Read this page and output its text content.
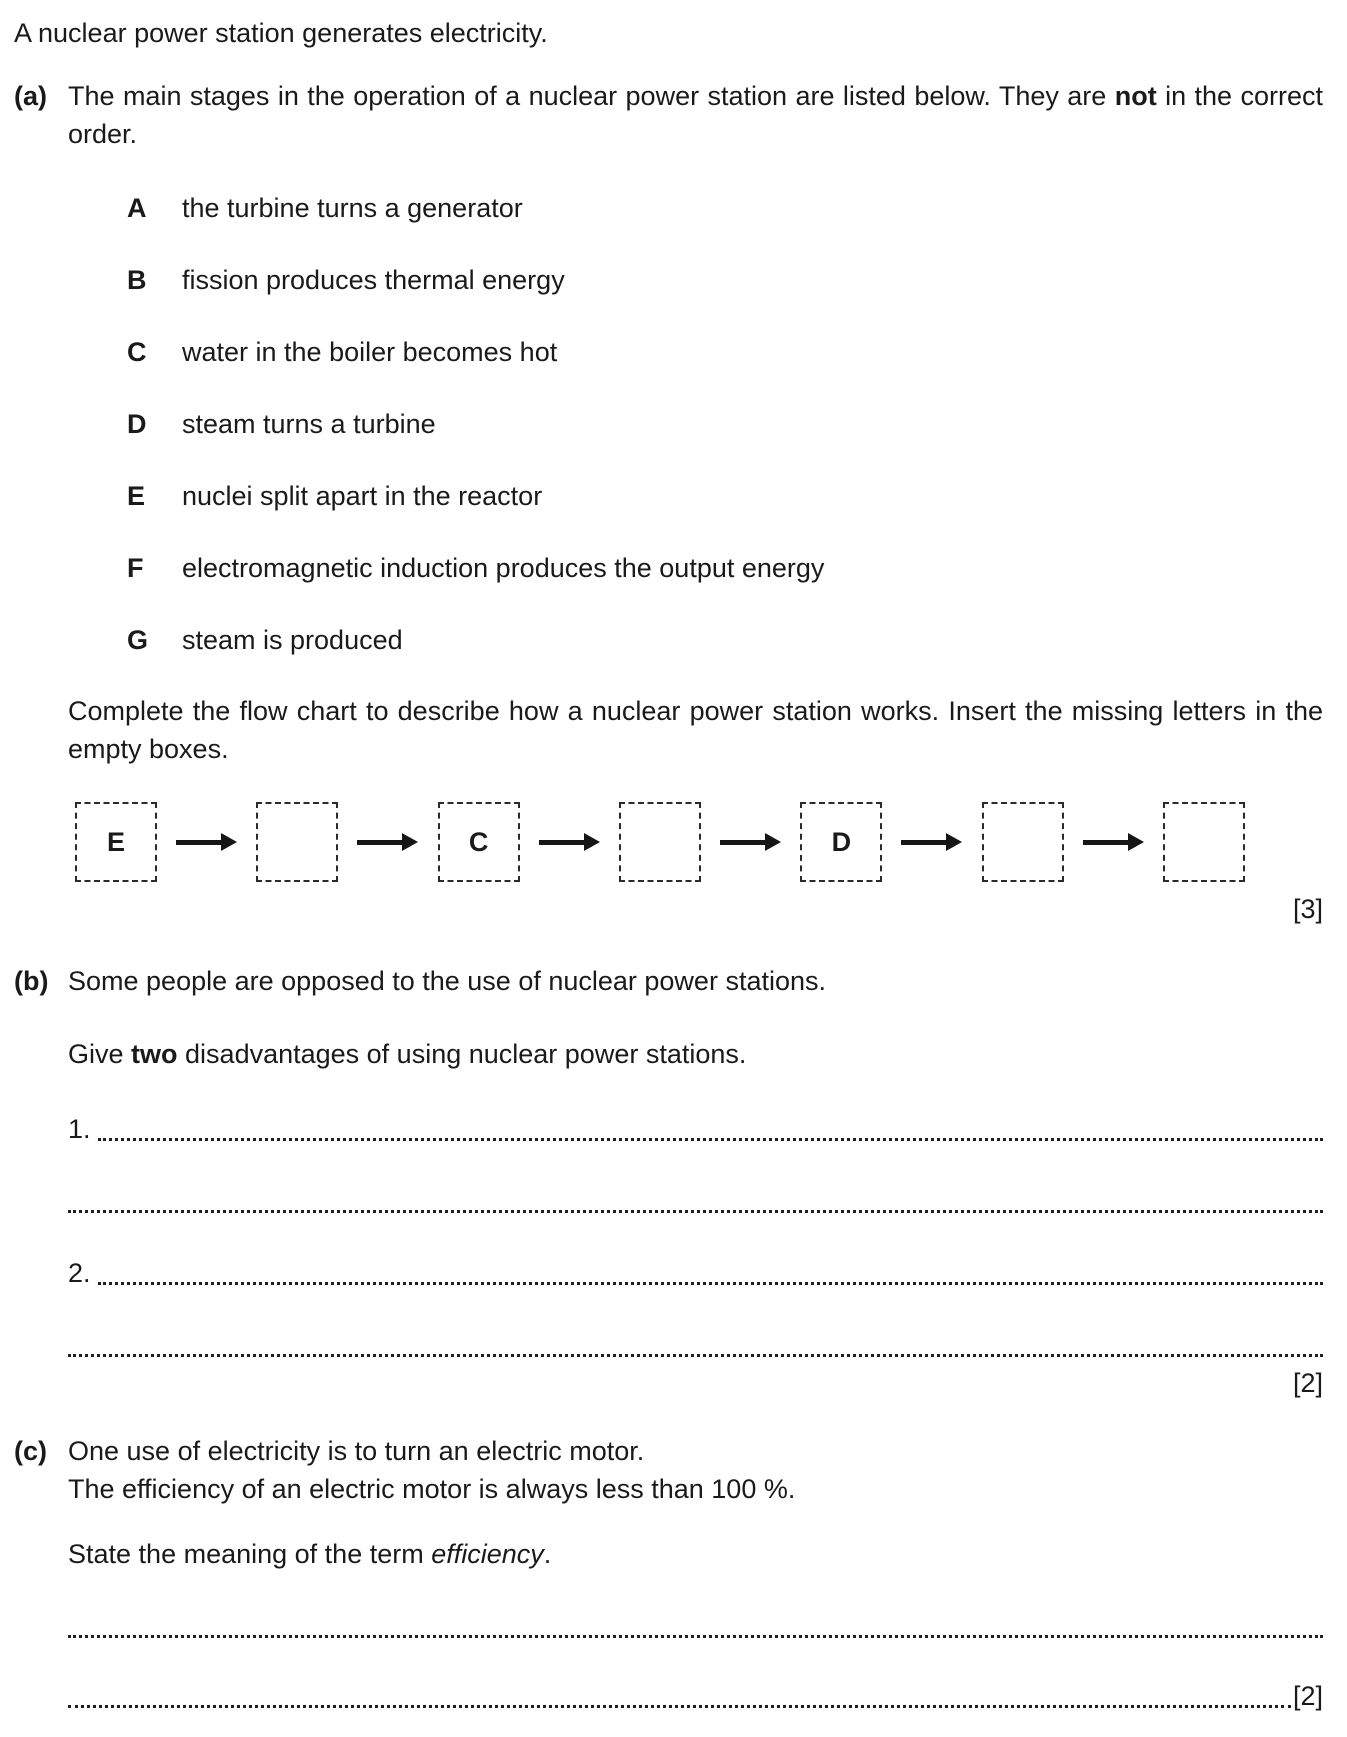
A nuclear power station generates electricity.

(a) The main stages in the operation of a nuclear power station are listed below. They are not in the correct order.

A	the turbine turns a generator
B	fission produces thermal energy
C	water in the boiler becomes hot
D	steam turns a turbine
E	nuclei split apart in the reactor
F	electromagnetic induction produces the output energy
G	steam is produced

Complete the flow chart to describe how a nuclear power station works. Insert the missing letters in the empty boxes.

E	C	D

[3]

(b) Some people are opposed to the use of nuclear power stations.

Give two disadvantages of using nuclear power stations.

1.
2.

[2]

(c) One use of electricity is to turn an electric motor.

The efficiency of an electric motor is always less than 100 %.

State the meaning of the term efficiency.

[2]
